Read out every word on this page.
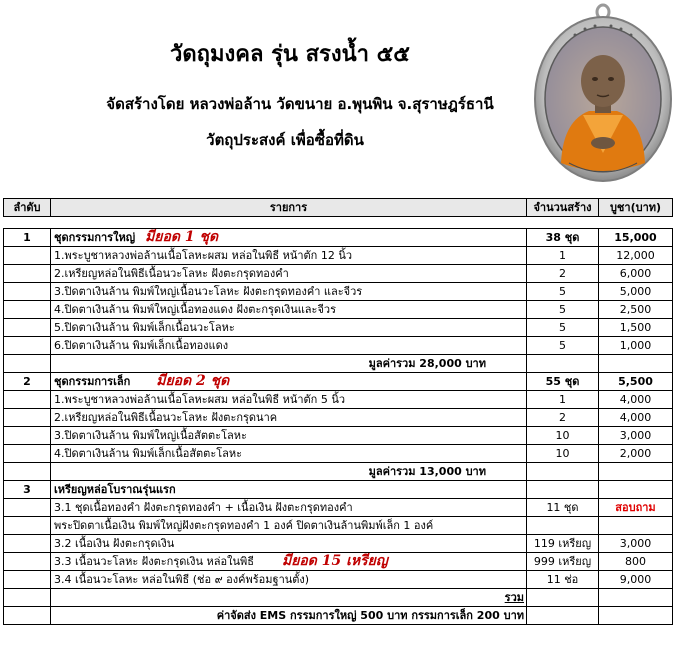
วัดถุมงคล รุ่น สรงน้ำ ๕๕
จัดสร้างโดย หลวงพ่อล้าน วัดขนาย อ.พุนพิน จ.สุราษฎร์ธานี
วัตถุประสงค์ เพื่อซื้อที่ดิน

ลำดับ	รายการ	จำนวนสร้าง	บูชา(บาท)
1	ชุดกรรมการใหญ่ มียอด 1 ชุด	38 ชุด	15,000
	1.พระบูชาหลวงพ่อล้านเนื้อโลหะผสม หล่อในพิธี หน้าตัก 12 นิ้ว	1	12,000
	2.เหรียญหล่อในพิธีเนื้อนวะโลหะ ฝังตะกรุดทองคำ	2	6,000
	3.ปิดตาเงินล้าน พิมพ์ใหญ่เนื้อนวะโลหะ ฝังตะกรุดทองคำ และจีวร	5	5,000
	4.ปิดตาเงินล้าน พิมพ์ใหญ่เนื้อทองแดง ฝังตะกรุดเงินและจีวร	5	2,500
	5.ปิดตาเงินล้าน พิมพ์เล็กเนื้อนวะโลหะ	5	1,500
	6.ปิดตาเงินล้าน พิมพ์เล็กเนื้อทองแดง	5	1,000
	มูลค่ารวม 28,000 บาท		
2	ชุดกรรมการเล็ก มียอด 2 ชุด	55 ชุด	5,500
	1.พระบูชาหลวงพ่อล้านเนื้อโลหะผสม หล่อในพิธี หน้าตัก 5 นิ้ว	1	4,000
	2.เหรียญหล่อในพิธีเนื้อนวะโลหะ ฝังตะกรุดนาค	2	4,000
	3.ปิดตาเงินล้าน พิมพ์ใหญ่เนื้อสัตตะโลหะ	10	3,000
	4.ปิดตาเงินล้าน พิมพ์เล็กเนื้อสัตตะโลหะ	10	2,000
	มูลค่ารวม 13,000 บาท		
3	เหรียญหล่อโบราณรุ่นแรก		
	3.1 ชุดเนื้อทองคำ ฝังตะกรุดทองคำ + เนื้อเงิน ฝังตะกรุดทองคำ	11 ชุด	สอบถาม
	พระปิดตาเนื้อเงิน พิมพ์ใหญ่ฝังตะกรุดทองคำ 1 องค์ ปิดตาเงินล้านพิมพ์เล็ก 1 องค์		
	3.2 เนื้อเงิน ฝังตะกรุดเงิน	119 เหรียญ	3,000
	3.3 เนื้อนวะโลหะ ฝังตะกรุดเงิน หล่อในพิธี มียอด 15 เหรียญ	999 เหรียญ	800
	3.4 เนื้อนวะโลหะ หล่อในพิธี (ช่อ ๙ องค์พร้อมฐานตั้ง)	11 ช่อ	9,000
	รวม		
	ค่าจัดส่ง EMS กรรมการใหญ่ 500 บาท กรรมการเล็ก 200 บาท		
